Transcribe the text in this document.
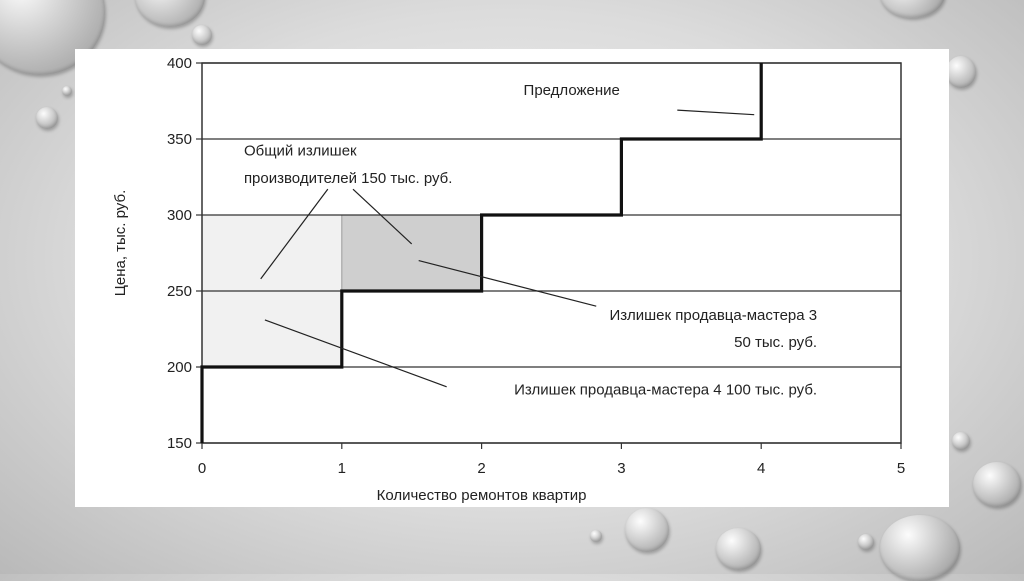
150
200
250
300
350
400
0	1	2	3	4	5
Количество ремонтов квартир
Цена, тыс. руб.
Предложение
Общий излишек
производителей 150 тыс. руб.
Излишек продавца-мастера 3
50 тыс. руб.
Излишек продавца-мастера 4 100 тыс. руб.
